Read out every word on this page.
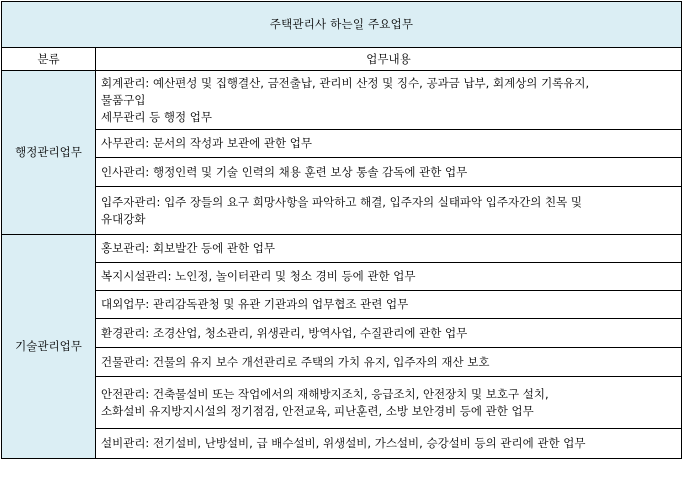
주택관리사 하는일 주요업무	
분류	업무내용
행정관리업무	회계관리: 예산편성 및 집행결산, 금전출납, 관리비 산정 및 징수, 공과금 납부, 회계상의 기록유지,
물품구입
세무관리 등 행정 업무

	사무관리: 문서의 작성과 보관에 관한 업무

	인사관리: 행정인력 및 기술 인력의 채용 훈련 보상 통솔 감독에 관한 업무

	입주자관리: 입주 장들의 요구 희망사항을 파악하고 해결, 입주자의 실태파악 입주자간의 친목 및
유대강화

기술관리업무	홍보관리: 회보발간 등에 관한 업무

	복지시설관리: 노인정, 놀이터관리 및 청소 경비 등에 관한 업무

	대외업무: 관리감독관청 및 유관 기관과의 업무협조 관련 업무

	환경관리: 조경산업, 청소관리, 위생관리, 방역사업, 수질관리에 관한 업무

	건물관리: 건물의 유지 보수 개선관리로 주택의 가치 유지, 입주자의 재산 보호

	안전관리: 건축물설비 또는 작업에서의 재해방지조치, 응급조치, 안전장치 및 보호구 설치,
소화설비 유지방지시설의 정기점검, 안전교육, 피난훈련, 소방 보안경비 등에 관한 업무

	설비관리: 전기설비, 난방설비, 급 배수설비, 위생설비, 가스설비, 승강설비 등의 관리에 관한 업무
